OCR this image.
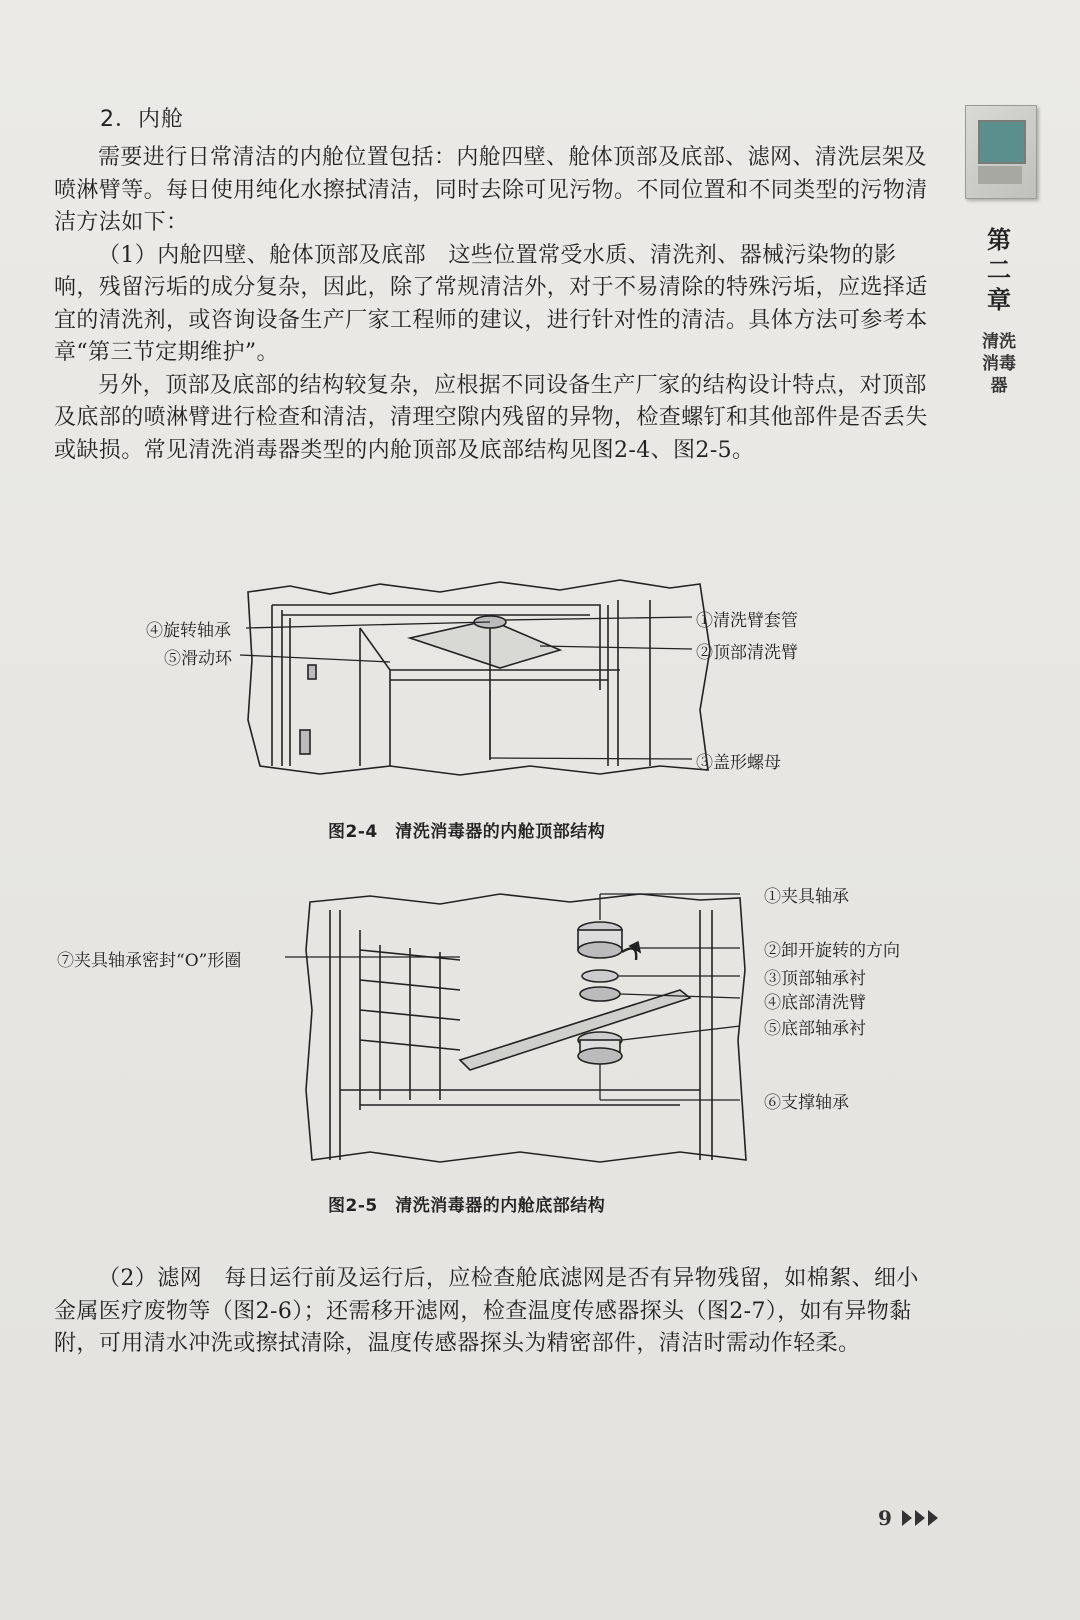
2．内舱

需要进行日常清洁的内舱位置包括：内舱四壁、舱体顶部及底部、滤网、清洗层架及喷淋臂等。每日使用纯化水擦拭清洁，同时去除可见污物。不同位置和不同类型的污物清洁方法如下：

（1）内舱四壁、舱体顶部及底部　这些位置常受水质、清洗剂、器械污染物的影响，残留污垢的成分复杂，因此，除了常规清洁外，对于不易清除的特殊污垢，应选择适宜的清洗剂，或咨询设备生产厂家工程师的建议，进行针对性的清洁。具体方法可参考本章“第三节定期维护”。

另外，顶部及底部的结构较复杂，应根据不同设备生产厂家的结构设计特点，对顶部及底部的喷淋臂进行检查和清洁，清理空隙内残留的异物，检查螺钉和其他部件是否丢失或缺损。常见清洗消毒器类型的内舱顶部及底部结构见图2-4、图2-5。

第二章
清洗消毒器
④旋转轴承
⑤滑动环
①清洗臂套管
②顶部清洗臂
③盖形螺母
图2-4　清洗消毒器的内舱顶部结构
⑦夹具轴承密封“O”形圈
①夹具轴承
②卸开旋转的方向
③顶部轴承衬
④底部清洗臂
⑤底部轴承衬
⑥支撑轴承
图2-5　清洗消毒器的内舱底部结构

（2）滤网　每日运行前及运行后，应检查舱底滤网是否有异物残留，如棉絮、细小金属医疗废物等（图2-6）；还需移开滤网，检查温度传感器探头（图2-7），如有异物黏附，可用清水冲洗或擦拭清除，温度传感器探头为精密部件，清洁时需动作轻柔。

9
